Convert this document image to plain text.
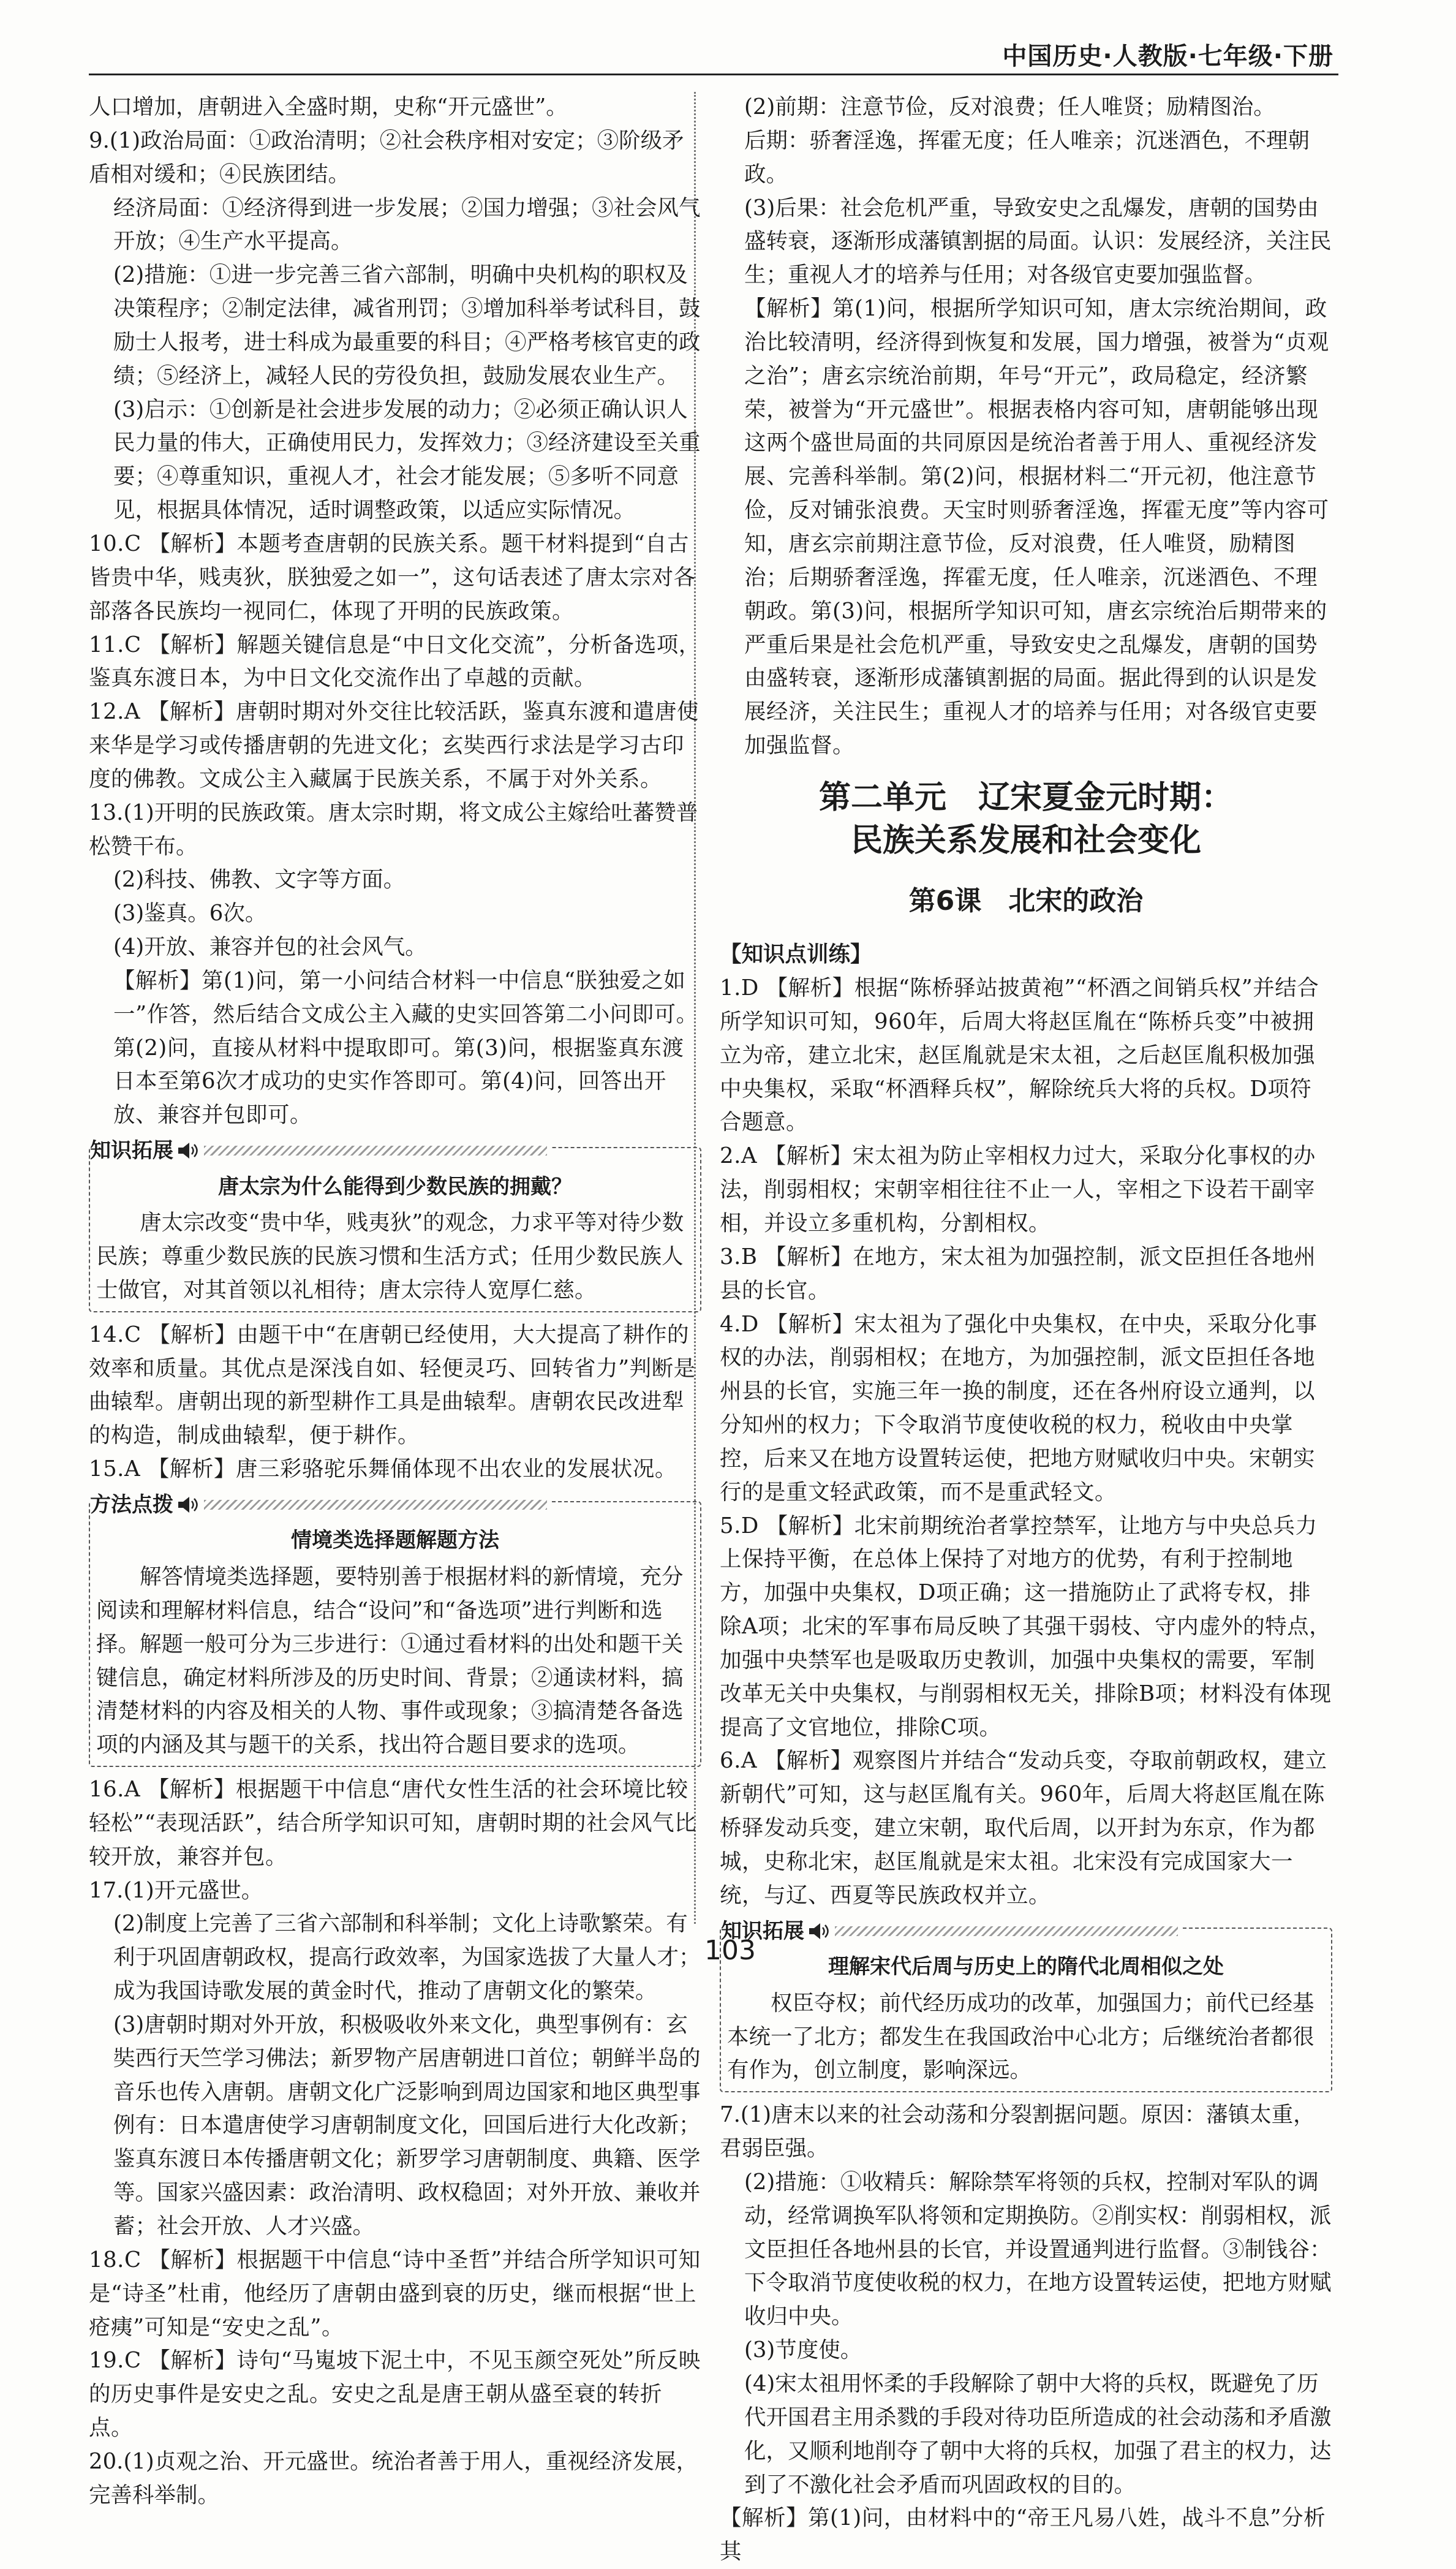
中国历史·人教版·七年级·下册

人口增加，唐朝进入全盛时期，史称“开元盛世”。

9.(1)政治局面：①政治清明；②社会秩序相对安定；③阶级矛盾相对缓和；④民族团结。

经济局面：①经济得到进一步发展；②国力增强；③社会风气开放；④生产水平提高。

(2)措施：①进一步完善三省六部制，明确中央机构的职权及决策程序；②制定法律，减省刑罚；③增加科举考试科目，鼓励士人报考，进士科成为最重要的科目；④严格考核官吏的政绩；⑤经济上，减轻人民的劳役负担，鼓励发展农业生产。

(3)启示：①创新是社会进步发展的动力；②必须正确认识人民力量的伟大，正确使用民力，发挥效力；③经济建设至关重要；④尊重知识，重视人才，社会才能发展；⑤多听不同意见，根据具体情况，适时调整政策，以适应实际情况。

10.C 【解析】本题考查唐朝的民族关系。题干材料提到“自古皆贵中华，贱夷狄，朕独爱之如一”，这句话表述了唐太宗对各部落各民族均一视同仁，体现了开明的民族政策。

11.C 【解析】解题关键信息是“中日文化交流”，分析备选项，鉴真东渡日本，为中日文化交流作出了卓越的贡献。

12.A 【解析】唐朝时期对外交往比较活跃，鉴真东渡和遣唐使来华是学习或传播唐朝的先进文化；玄奘西行求法是学习古印度的佛教。文成公主入藏属于民族关系，不属于对外关系。

13.(1)开明的民族政策。唐太宗时期，将文成公主嫁给吐蕃赞普松赞干布。

(2)科技、佛教、文字等方面。

(3)鉴真。6次。

(4)开放、兼容并包的社会风气。

【解析】第(1)问，第一小问结合材料一中信息“朕独爱之如一”作答，然后结合文成公主入藏的史实回答第二小问即可。第(2)问，直接从材料中提取即可。第(3)问，根据鉴真东渡日本至第6次才成功的史实作答即可。第(4)问，回答出开放、兼容并包即可。

知识拓展
唐太宗为什么能得到少数民族的拥戴？
唐太宗改变“贵中华，贱夷狄”的观念，力求平等对待少数民族；尊重少数民族的民族习惯和生活方式；任用少数民族人士做官，对其首领以礼相待；唐太宗待人宽厚仁慈。

14.C 【解析】由题干中“在唐朝已经使用，大大提高了耕作的效率和质量。其优点是深浅自如、轻便灵巧、回转省力”判断是曲辕犁。唐朝出现的新型耕作工具是曲辕犁。唐朝农民改进犁的构造，制成曲辕犁，便于耕作。

15.A 【解析】唐三彩骆驼乐舞俑体现不出农业的发展状况。

方法点拨
情境类选择题解题方法
解答情境类选择题，要特别善于根据材料的新情境，充分阅读和理解材料信息，结合“设问”和“备选项”进行判断和选择。解题一般可分为三步进行：①通过看材料的出处和题干关键信息，确定材料所涉及的历史时间、背景；②通读材料，搞清楚材料的内容及相关的人物、事件或现象；③搞清楚各备选项的内涵及其与题干的关系，找出符合题目要求的选项。

16.A 【解析】根据题干中信息“唐代女性生活的社会环境比较轻松”“表现活跃”，结合所学知识可知，唐朝时期的社会风气比较开放，兼容并包。

17.(1)开元盛世。

(2)制度上完善了三省六部制和科举制；文化上诗歌繁荣。有利于巩固唐朝政权，提高行政效率，为国家选拔了大量人才；成为我国诗歌发展的黄金时代，推动了唐朝文化的繁荣。

(3)唐朝时期对外开放，积极吸收外来文化，典型事例有：玄奘西行天竺学习佛法；新罗物产居唐朝进口首位；朝鲜半岛的音乐也传入唐朝。唐朝文化广泛影响到周边国家和地区典型事例有：日本遣唐使学习唐朝制度文化，回国后进行大化改新；鉴真东渡日本传播唐朝文化；新罗学习唐朝制度、典籍、医学等。国家兴盛因素：政治清明、政权稳固；对外开放、兼收并蓄；社会开放、人才兴盛。

18.C 【解析】根据题干中信息“诗中圣哲”并结合所学知识可知是“诗圣”杜甫，他经历了唐朝由盛到衰的历史，继而根据“世上疮痍”可知是“安史之乱”。

19.C 【解析】诗句“马嵬坡下泥土中，不见玉颜空死处”所反映的历史事件是安史之乱。安史之乱是唐王朝从盛至衰的转折点。

20.(1)贞观之治、开元盛世。统治者善于用人，重视经济发展，完善科举制。

(2)前期：注意节俭，反对浪费；任人唯贤；励精图治。

后期：骄奢淫逸，挥霍无度；任人唯亲；沉迷酒色，不理朝政。

(3)后果：社会危机严重，导致安史之乱爆发，唐朝的国势由盛转衰，逐渐形成藩镇割据的局面。认识：发展经济，关注民生；重视人才的培养与任用；对各级官吏要加强监督。

【解析】第(1)问，根据所学知识可知，唐太宗统治期间，政治比较清明，经济得到恢复和发展，国力增强，被誉为“贞观之治”；唐玄宗统治前期，年号“开元”，政局稳定，经济繁荣，被誉为“开元盛世”。根据表格内容可知，唐朝能够出现这两个盛世局面的共同原因是统治者善于用人、重视经济发展、完善科举制。第(2)问，根据材料二“开元初，他注意节俭，反对铺张浪费。天宝时则骄奢淫逸，挥霍无度”等内容可知，唐玄宗前期注意节俭，反对浪费，任人唯贤，励精图治；后期骄奢淫逸，挥霍无度，任人唯亲，沉迷酒色、不理朝政。第(3)问，根据所学知识可知，唐玄宗统治后期带来的严重后果是社会危机严重，导致安史之乱爆发，唐朝的国势由盛转衰，逐渐形成藩镇割据的局面。据此得到的认识是发展经济，关注民生；重视人才的培养与任用；对各级官吏要加强监督。

第二单元　辽宋夏金元时期：
民族关系发展和社会变化
第6课　北宋的政治

【知识点训练】

1.D 【解析】根据“陈桥驿站披黄袍”“杯酒之间销兵权”并结合所学知识可知，960年，后周大将赵匡胤在“陈桥兵变”中被拥立为帝，建立北宋，赵匡胤就是宋太祖，之后赵匡胤积极加强中央集权，采取“杯酒释兵权”，解除统兵大将的兵权。D项符合题意。

2.A 【解析】宋太祖为防止宰相权力过大，采取分化事权的办法，削弱相权；宋朝宰相往往不止一人，宰相之下设若干副宰相，并设立多重机构，分割相权。

3.B 【解析】在地方，宋太祖为加强控制，派文臣担任各地州县的长官。

4.D 【解析】宋太祖为了强化中央集权，在中央，采取分化事权的办法，削弱相权；在地方，为加强控制，派文臣担任各地州县的长官，实施三年一换的制度，还在各州府设立通判，以分知州的权力；下令取消节度使收税的权力，税收由中央掌控，后来又在地方设置转运使，把地方财赋收归中央。宋朝实行的是重文轻武政策，而不是重武轻文。

5.D 【解析】北宋前期统治者掌控禁军，让地方与中央总兵力上保持平衡，在总体上保持了对地方的优势，有利于控制地方，加强中央集权，D项正确；这一措施防止了武将专权，排除A项；北宋的军事布局反映了其强干弱枝、守内虚外的特点，加强中央禁军也是吸取历史教训，加强中央集权的需要，军制改革无关中央集权，与削弱相权无关，排除B项；材料没有体现提高了文官地位，排除C项。

6.A 【解析】观察图片并结合“发动兵变，夺取前朝政权，建立新朝代”可知，这与赵匡胤有关。960年，后周大将赵匡胤在陈桥驿发动兵变，建立宋朝，取代后周，以开封为东京，作为都城，史称北宋，赵匡胤就是宋太祖。北宋没有完成国家大一统，与辽、西夏等民族政权并立。

知识拓展
理解宋代后周与历史上的隋代北周相似之处
权臣夺权；前代经历成功的改革，加强国力；前代已经基本统一了北方；都发生在我国政治中心北方；后继统治者都很有作为，创立制度，影响深远。

7.(1)唐末以来的社会动荡和分裂割据问题。原因：藩镇太重，君弱臣强。

(2)措施：①收精兵：解除禁军将领的兵权，控制对军队的调动，经常调换军队将领和定期换防。②削实权：削弱相权，派文臣担任各地州县的长官，并设置通判进行监督。③制钱谷：下令取消节度使收税的权力，在地方设置转运使，把地方财赋收归中央。

(3)节度使。

(4)宋太祖用怀柔的手段解除了朝中大将的兵权，既避免了历代开国君主用杀戮的手段对待功臣所造成的社会动荡和矛盾激化，又顺利地削夺了朝中大将的兵权，加强了君主的权力，达到了不激化社会矛盾而巩固政权的目的。

【解析】第(1)问，由材料中的“帝王凡易八姓，战斗不息”分析其

103
